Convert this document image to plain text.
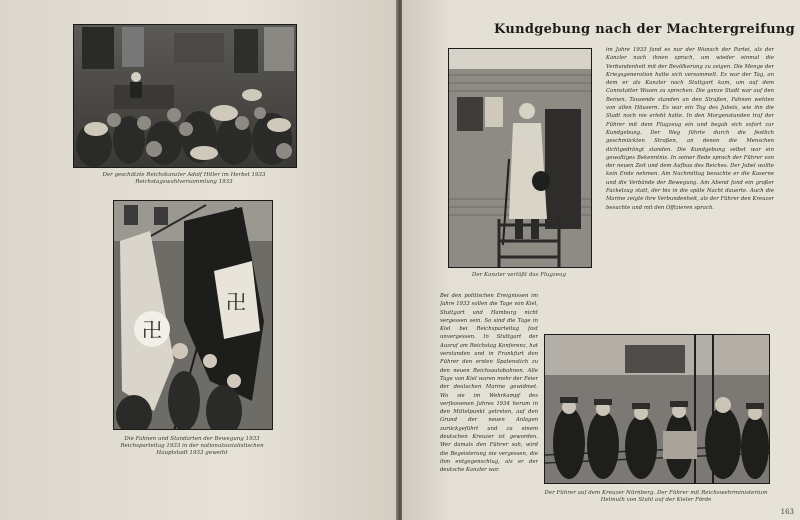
Der geschätzte Reichskanzler Adolf Hitler im Herbst 1933 Reichstagswahlversammlung 1933
卍
卍
Die Fahnen und Standarten der Bewegung 1933 Reichsparteitag 1933 in der nationalsozialistischen Hauptstadt 1933 geweiht
Kundgebung nach der Machtergreifung
Der Kanzler verläßt das Flugzeug

im Jahre 1933 fand es nur der Wunsch der Partei, als der Kanzler nach ihnen sprach, um wieder einmal die Verbundenheit mit der Bevölkerung zu zeigen. Die Menge der Kriegsgeneration hatte sich versammelt. Es war der Tag, an dem er als Kanzler nach Stuttgart kam, um auf dem Cannstatter Wasen zu sprechen. Die ganze Stadt war auf den Beinen. Tausende standen an den Straßen, Fahnen wehten von allen Häusern. Es war ein Tag des Jubels, wie ihn die Stadt noch nie erlebt hatte. In den Morgenstunden traf der Führer mit dem Flugzeug ein und begab sich sofort zur Kundgebung. Der Weg führte durch die festlich geschmückten Straßen, an denen die Menschen dichtgedrängt standen. Die Kundgebung selbst war ein gewaltiges Bekenntnis. In seiner Rede sprach der Führer von der neuen Zeit und dem Aufbau des Reiches. Der Jubel wollte kein Ende nehmen. Am Nachmittag besuchte er die Kaserne und die Verbände der Bewegung. Am Abend fand ein großer Fackelzug statt, der bis in die späte Nacht dauerte. Auch die Marine zeigte ihre Verbundenheit, als der Führer den Kreuzer besuchte und mit den Offizieren sprach.

Bei den politischen Ereignissen im Jahre 1933 sollen die Tage von Kiel, Stuttgart und Hamburg nicht vergessen sein. So sind die Tage in Kiel bei Reichsparteitag fast unvergessen. In Stuttgart der Ausruf am Reichstag Konferenz, hat verstanden und in Frankfurt den Führer den ersten Spatenstich zu den neuen Reichsautobahnen. Alle Tage von Kiel waren mehr der Feier der deutschen Marine gewidmet. Wo sie im Wehrkampf des verflossenen Jahres 1934 herum in den Mittelpunkt getreten, auf den Grund der neuen Anlagen zurückgeführt und zu einem deutschen Kreuzer ist geworden. Wer damals den Führer sah, wird die Begeisterung nie vergessen, die ihm entgegenschlug, als er der deutsche Kanzler war.

Der Führer auf dem Kreuzer Nürnberg. Der Führer mit Reichswehrministerium Helmuth von Stuhl auf der Kieler Förde
163
